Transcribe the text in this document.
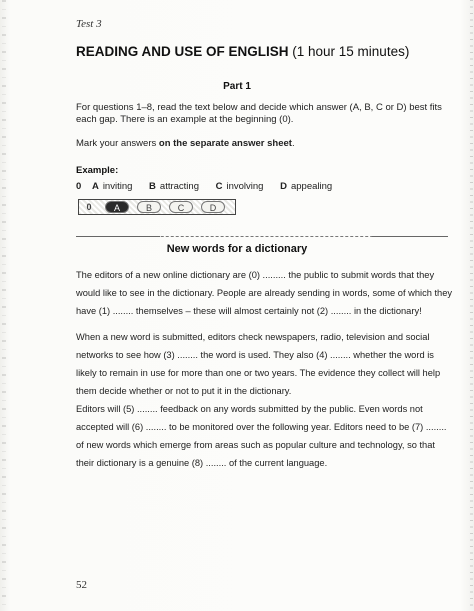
Test 3
READING AND USE OF ENGLISH (1 hour 15 minutes)
Part 1
For questions 1–8, read the text below and decide which answer (A, B, C or D) best fits each gap. There is an example at the beginning (0).
Mark your answers on the separate answer sheet.
Example:
0 A inviting B attracting C involving D appealing
0	A	B	C	D
New words for a dictionary
The editors of a new online dictionary are (0) ......... the public to submit words that they would like to see in the dictionary. People are already sending in words, some of which they have (1) ........ themselves – these will almost certainly not (2) ........ in the dictionary!
When a new word is submitted, editors check newspapers, radio, television and social networks to see how (3) ........ the word is used. They also (4) ........ whether the word is likely to remain in use for more than one or two years. The evidence they collect will help them decide whether or not to put it in the dictionary.
Editors will (5) ........ feedback on any words submitted by the public. Even words not accepted will (6) ........ to be monitored over the following year. Editors need to be (7) ........ of new words which emerge from areas such as popular culture and technology, so that their dictionary is a genuine (8) ........ of the current language.
52
